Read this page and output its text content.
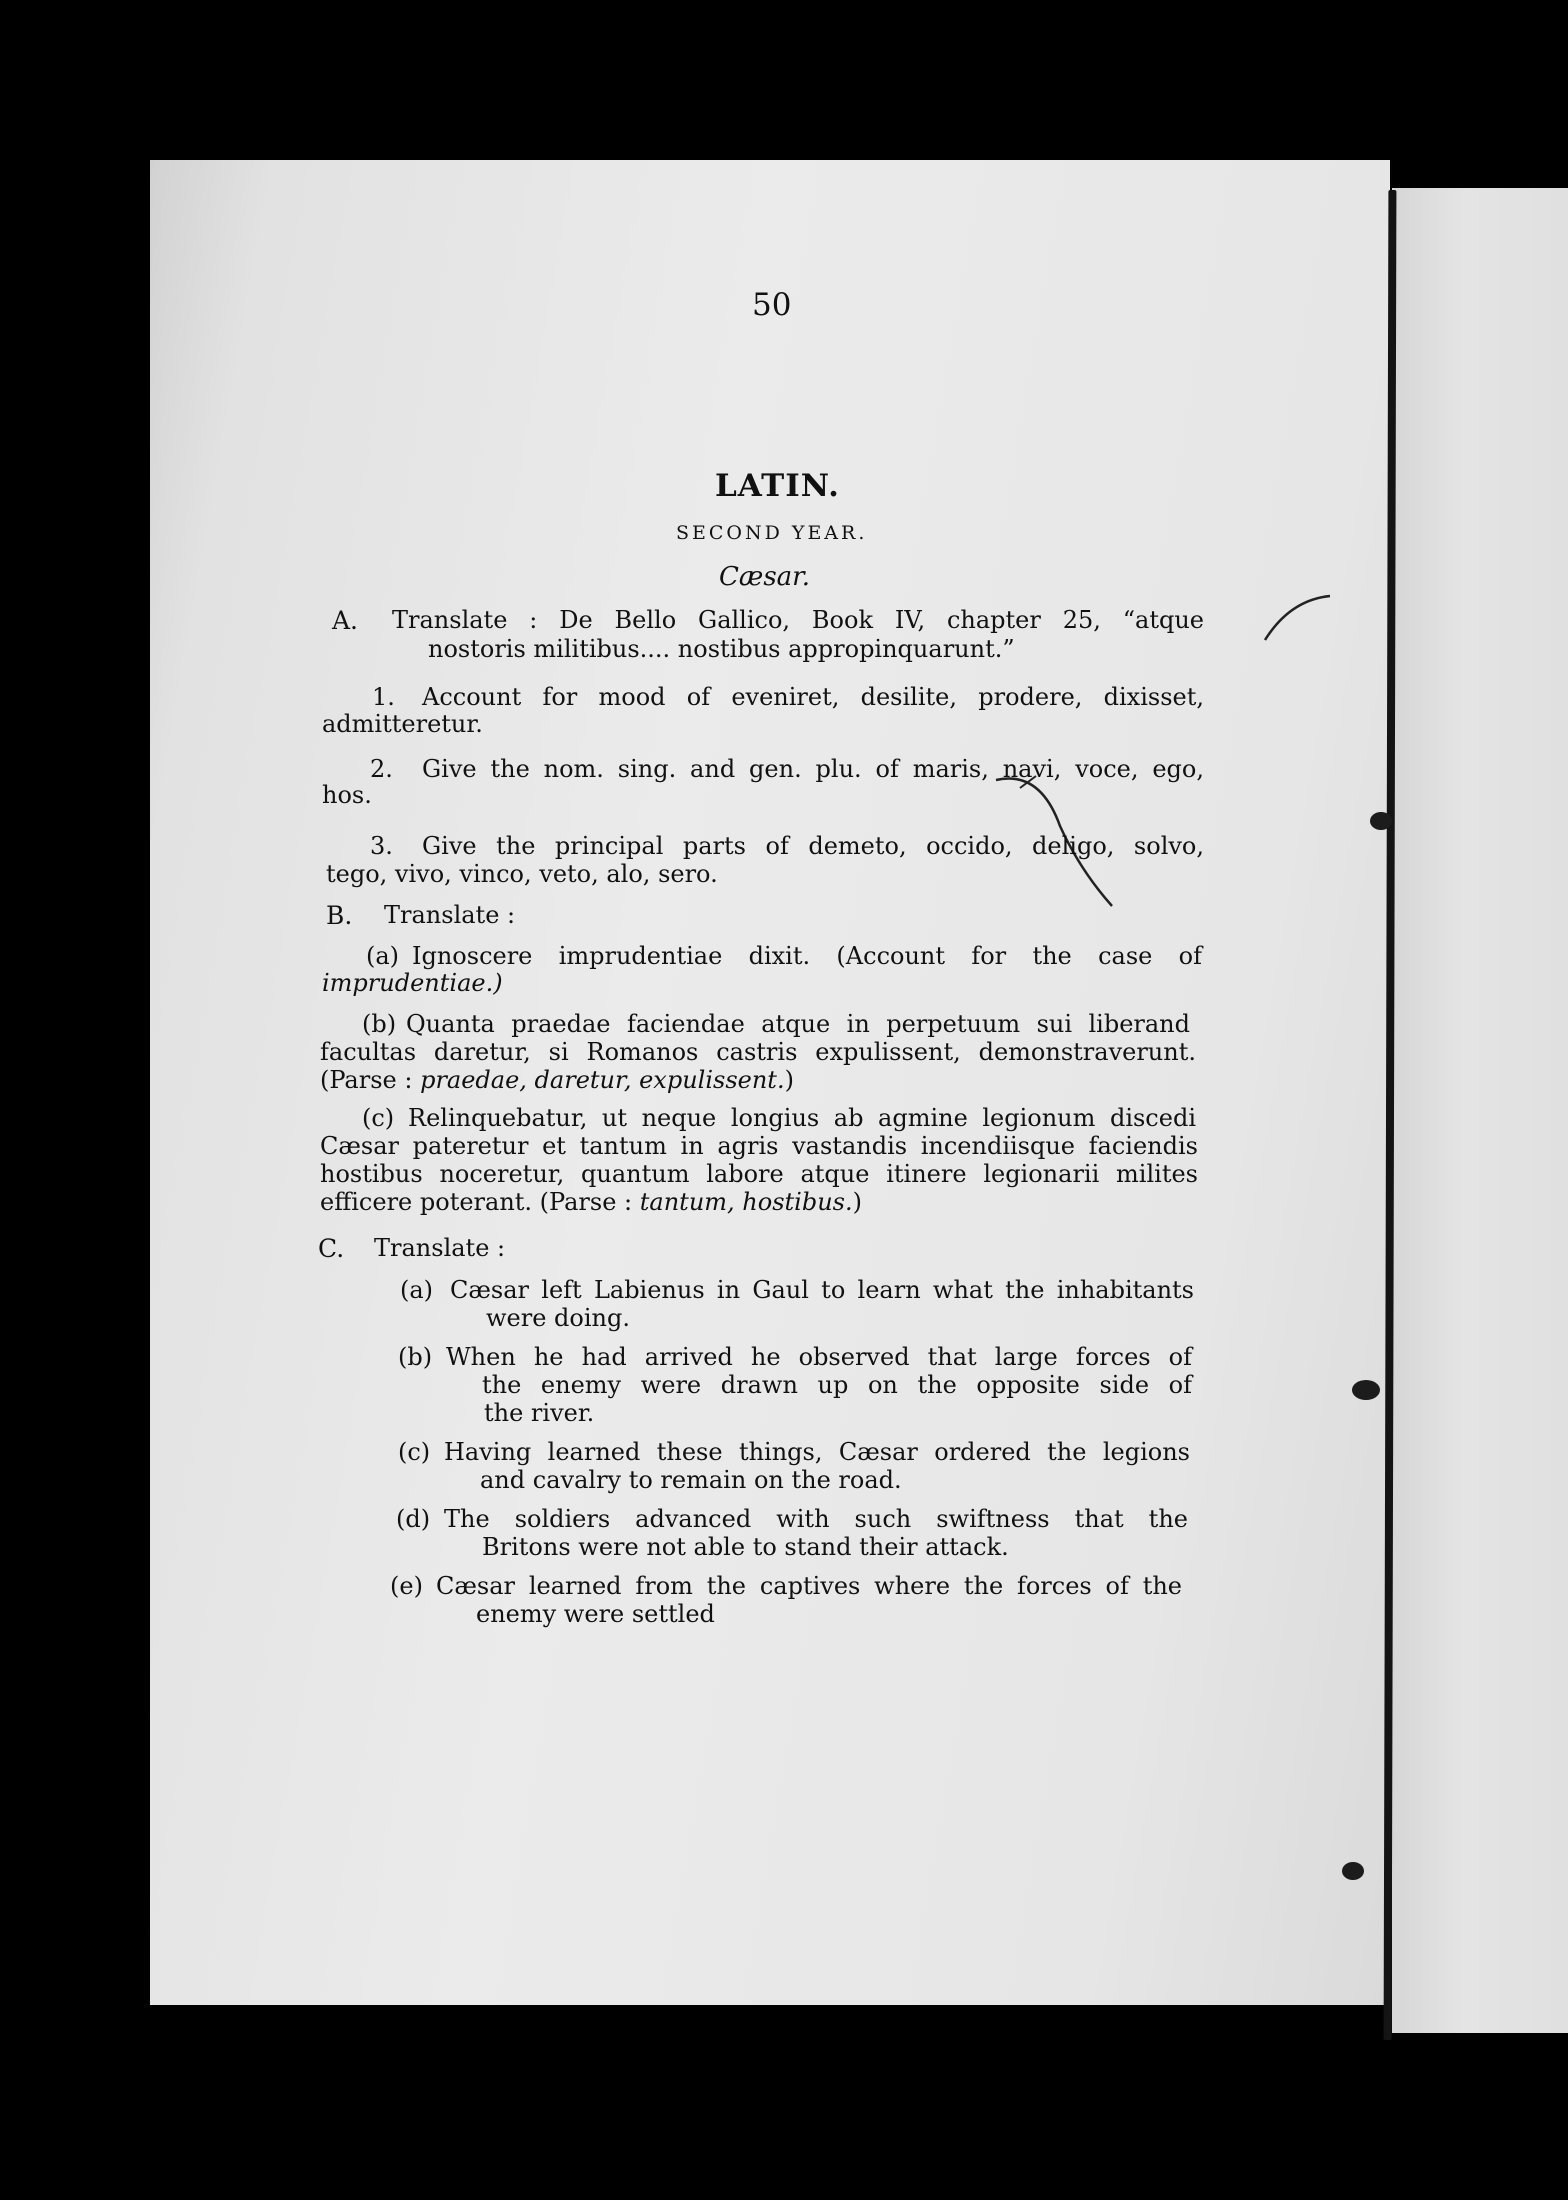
50
LATIN.
SECOND YEAR.
Cæsar.
A. Translate : De Bello Gallico, Book IV, chapter 25, “atque
nostoris militibus.... nostibus appropinquarunt.”
1. Account for mood of eveniret, desilite, prodere, dixisset,
admitteretur.
2. Give the nom. sing. and gen. plu. of maris, navi, voce, ego,
hos.
3. Give the principal parts of demeto, occido, deligo, solvo,
tego, vivo, vinco, veto, alo, sero.
B. Translate :
(a) Ignoscere imprudentiae dixit. (Account for the case of
imprudentiae.)
(b) Quanta praedae faciendae atque in perpetuum sui liberand
facultas daretur, si Romanos castris expulissent, demonstraverunt.
(Parse : praedae, daretur, expulissent.)
(c) Relinquebatur, ut neque longius ab agmine legionum discedi
Cæsar pateretur et tantum in agris vastandis incendiisque faciendis
hostibus noceretur, quantum labore atque itinere legionarii milites
efficere poterant. (Parse : tantum, hostibus.)
C. Translate :
(a) Cæsar left Labienus in Gaul to learn what the inhabitants
were doing.
(b) When he had arrived he observed that large forces of
the enemy were drawn up on the opposite side of
the river.
(c) Having learned these things, Cæsar ordered the legions
and cavalry to remain on the road.
(d) The soldiers advanced with such swiftness that the
Britons were not able to stand their attack.
(e) Cæsar learned from the captives where the forces of the
enemy were settled
